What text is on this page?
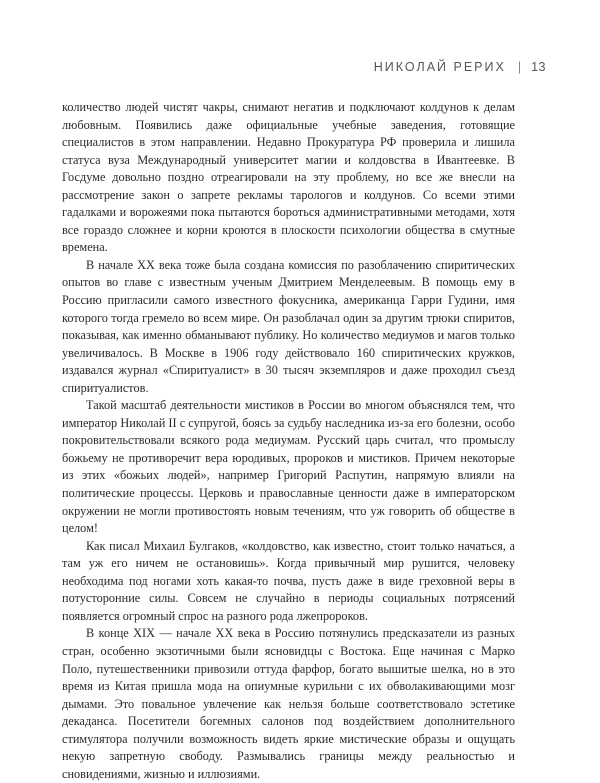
НИКОЛАЙ РЕРИХ | 13

количество людей чистят чакры, снимают негатив и подключают колдунов к делам любовным. Появились даже официальные учебные заведения, готовящие специалистов в этом направлении. Недавно Прокуратура РФ проверила и лишила статуса вуза Международный университет магии и колдовства в Ивантеевке. В Госдуме довольно поздно отреагировали на эту проблему, но все же внесли на рассмотрение закон о запрете рекламы тарологов и колдунов. Со всеми этими гадалками и ворожеями пока пытаются бороться административными методами, хотя все гораздо сложнее и корни кроются в плоскости психологии общества в смутные времена.

В начале XX века тоже была создана комиссия по разоблачению спиритических опытов во главе с известным ученым Дмитрием Менделеевым. В помощь ему в Россию пригласили самого известного фокусника, американца Гарри Гудини, имя которого тогда гремело во всем мире. Он разоблачал один за другим трюки спиритов, показывая, как именно обманывают публику. Но количество медиумов и магов только увеличивалось. В Москве в 1906 году действовало 160 спиритических кружков, издавался журнал «Спиритуалист» в 30 тысяч экземпляров и даже проходил съезд спиритуалистов.

Такой масштаб деятельности мистиков в России во многом объяснялся тем, что император Николай II с супругой, боясь за судьбу наследника из-за его болезни, особо покровительствовали всякого рода медиумам. Русский царь считал, что промыслу божьему не противоречит вера юродивых, пророков и мистиков. Причем некоторые из этих «божьих людей», например Григорий Распутин, напрямую влияли на политические процессы. Церковь и православные ценности даже в императорском окружении не могли противостоять новым течениям, что уж говорить об обществе в целом!

Как писал Михаил Булгаков, «колдовство, как известно, стоит только начаться, а там уж его ничем не остановишь». Когда привычный мир рушится, человеку необходима под ногами хоть какая-то почва, пусть даже в виде греховной веры в потусторонние силы. Совсем не случайно в периоды социальных потрясений появляется огромный спрос на разного рода лжепророков.

В конце XIX — начале XX века в Россию потянулись предсказатели из разных стран, особенно экзотичными были ясновидцы с Востока. Еще начиная с Марко Поло, путешественники привозили оттуда фарфор, богато вышитые шелка, но в это время из Китая пришла мода на опиумные курильни с их обволакивающими мозг дымами. Это повальное увлечение как нельзя больше соответствовало эстетике декаданса. Посетители богемных салонов под воздействием дополнительного стимулятора получили возможность видеть яркие мистические образы и ощущать некую запретную свободу. Размывались границы между реальностью и сновидениями, жизнью и иллюзиями.
